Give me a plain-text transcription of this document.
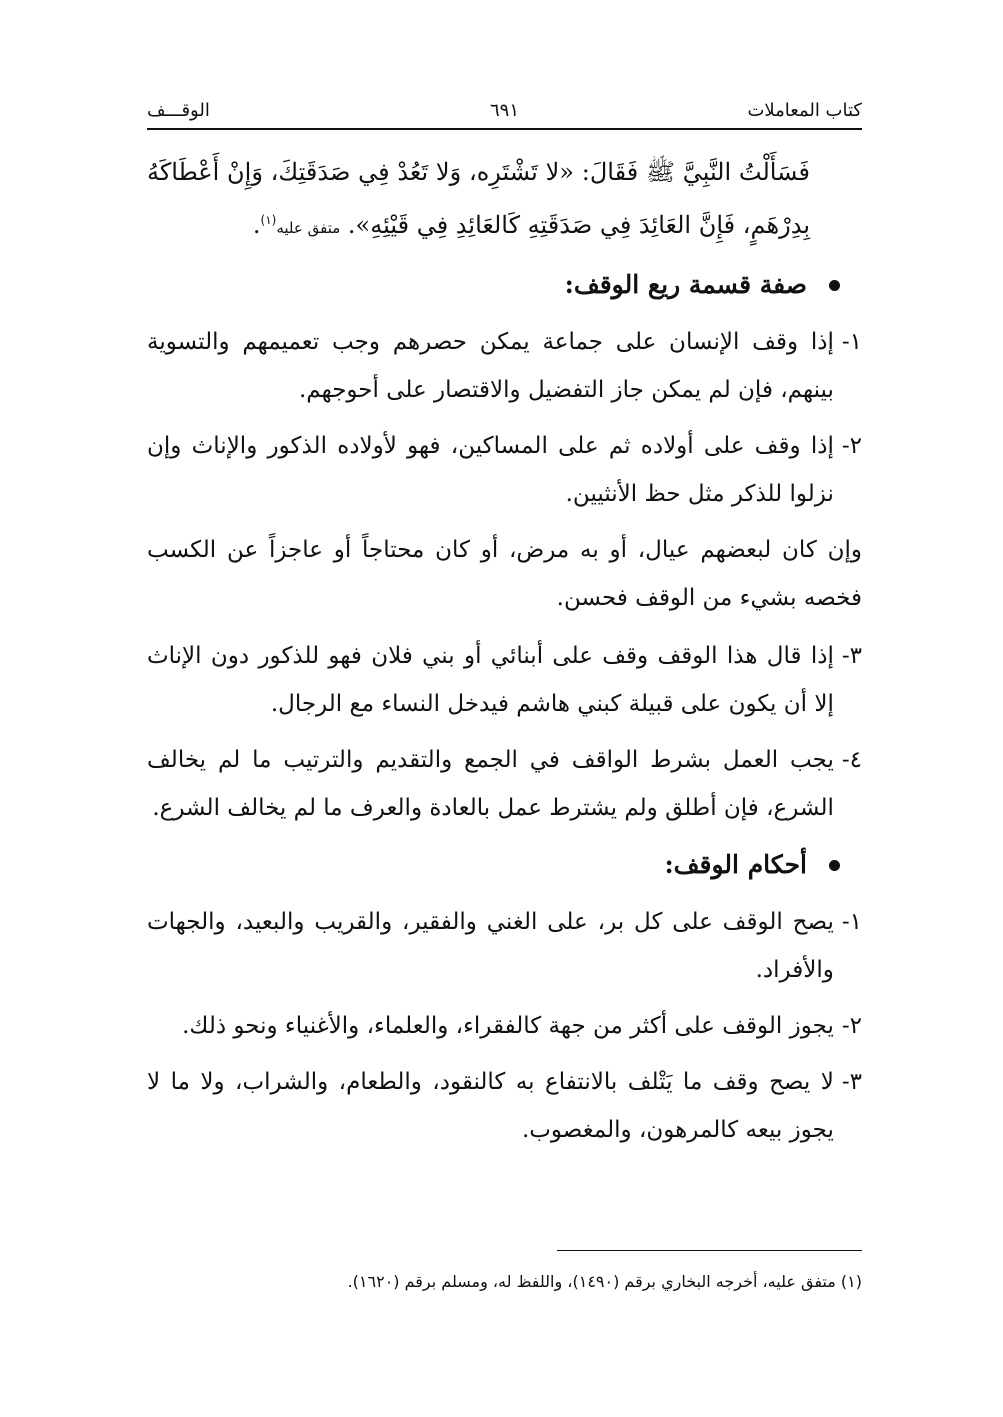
كتاب المعاملات
٦٩١
الوقـــف

فَسَأَلْتُ النَّبِيَّ ﷺ فَقَالَ: «لا تَشْتَرِه، وَلا تَعُدْ فِي صَدَقَتِكَ، وَإِنْ أَعْطَاكَهُ بِدِرْهَمٍ، فَإِنَّ العَائِدَ فِي صَدَقَتِهِ كَالعَائِدِ فِي قَيْئِهِ». متفق عليه$^{(١)}$.

صفة قسمة ريع الوقف:
١-
إذا وقف الإنسان على جماعة يمكن حصرهم وجب تعميمهم والتسوية بينهم، فإن لم يمكن جاز التفضيل والاقتصار على أحوجهم.
٢-
إذا وقف على أولاده ثم على المساكين، فهو لأولاده الذكور والإناث وإن نزلوا للذكر مثل حظ الأنثيين.

وإن كان لبعضهم عيال، أو به مرض، أو كان محتاجاً أو عاجزاً عن الكسب فخصه بشيء من الوقف فحسن.

٣-
إذا قال هذا الوقف وقف على أبنائي أو بني فلان فهو للذكور دون الإناث إلا أن يكون على قبيلة كبني هاشم فيدخل النساء مع الرجال.
٤-
يجب العمل بشرط الواقف في الجمع والتقديم والترتيب ما لم يخالف الشرع، فإن أطلق ولم يشترط عمل بالعادة والعرف ما لم يخالف الشرع.
أحكام الوقف:
١-
يصح الوقف على كل بر، على الغني والفقير، والقريب والبعيد، والجهات والأفراد.
٢-
يجوز الوقف على أكثر من جهة كالفقراء، والعلماء، والأغنياء ونحو ذلك.
٣-
لا يصح وقف ما يَتْلف بالانتفاع به كالنقود، والطعام، والشراب، ولا ما لا يجوز بيعه كالمرهون، والمغصوب.
(١) متفق عليه، أخرجه البخاري برقم (١٤٩٠)، واللفظ له، ومسلم برقم (١٦٢٠).
